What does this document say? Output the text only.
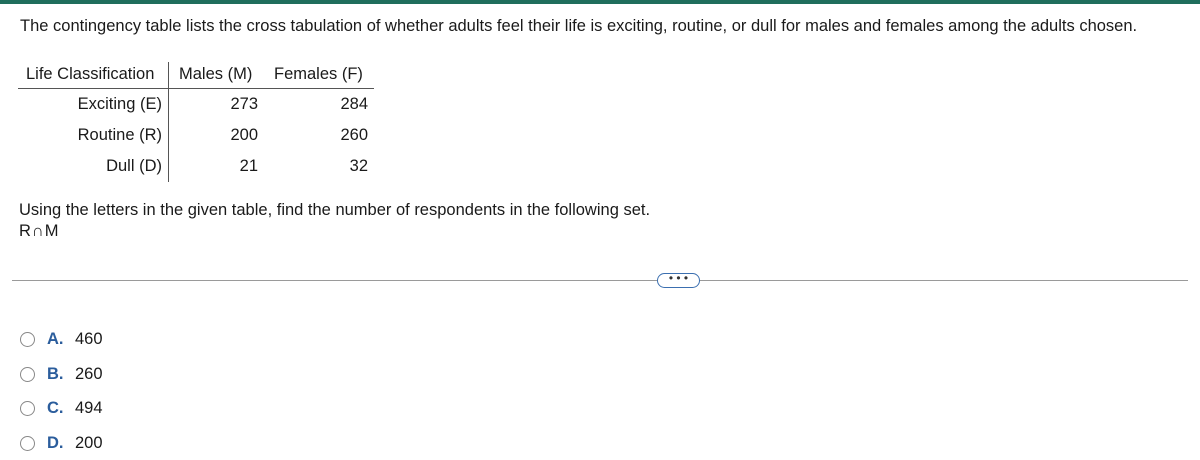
The contingency table lists the cross tabulation of whether adults feel their life is exciting, routine, or dull for males and females among the adults chosen.
Life Classification Males (M) Females (F)
Exciting (E)	273	284
Routine (R)	200	260
Dull (D)	21	32
Using the letters in the given table, find the number of respondents in the following set.
R∩M
• • •
A. 460
B. 260
C. 494
D. 200
